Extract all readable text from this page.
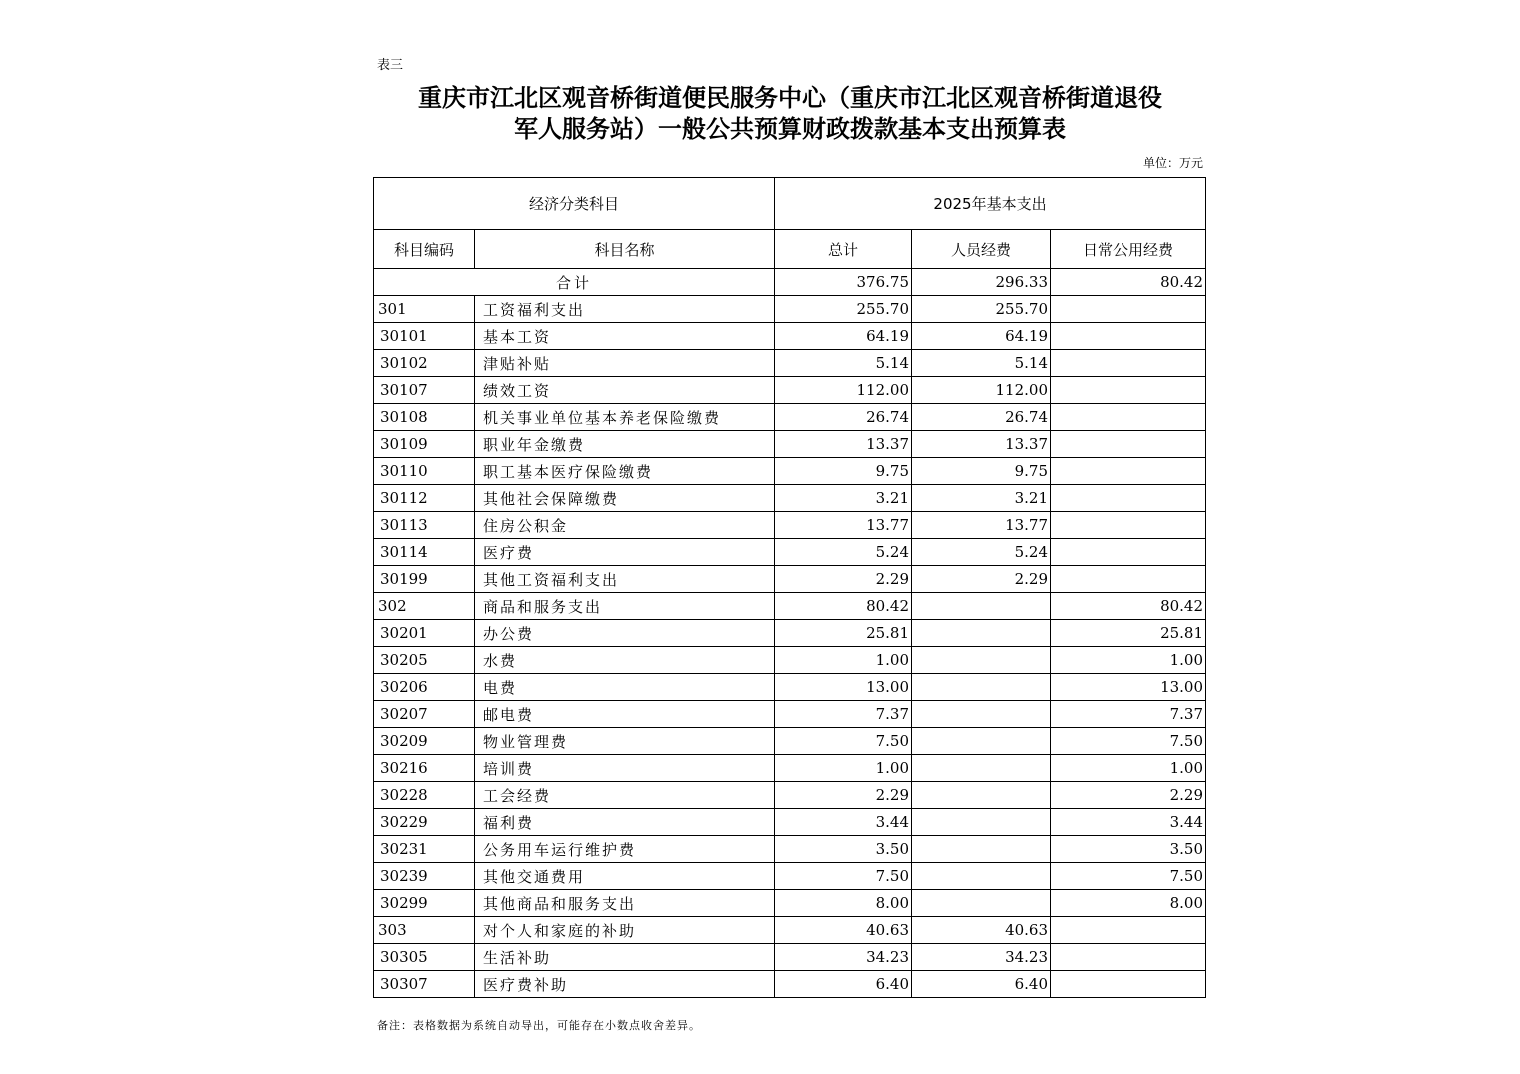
表三
重庆市江北区观音桥街道便民服务中心（重庆市江北区观音桥街道退役
军人服务站）一般公共预算财政拨款基本支出预算表
单位：万元
经济分类科目		2025年基本支出		
科目编码	科目名称	总计	人员经费	日常公用经费
合计		376.75	296.33	80.42
301	工资福利支出	255.70	255.70	
30101	基本工资	64.19	64.19	
30102	津贴补贴	5.14	5.14	
30107	绩效工资	112.00	112.00	
30108	机关事业单位基本养老保险缴费	26.74	26.74	
30109	职业年金缴费	13.37	13.37	
30110	职工基本医疗保险缴费	9.75	9.75	
30112	其他社会保障缴费	3.21	3.21	
30113	住房公积金	13.77	13.77	
30114	医疗费	5.24	5.24	
30199	其他工资福利支出	2.29	2.29	
302	商品和服务支出	80.42		80.42
30201	办公费	25.81		25.81
30205	水费	1.00		1.00
30206	电费	13.00		13.00
30207	邮电费	7.37		7.37
30209	物业管理费	7.50		7.50
30216	培训费	1.00		1.00
30228	工会经费	2.29		2.29
30229	福利费	3.44		3.44
30231	公务用车运行维护费	3.50		3.50
30239	其他交通费用	7.50		7.50
30299	其他商品和服务支出	8.00		8.00
303	对个人和家庭的补助	40.63	40.63	
30305	生活补助	34.23	34.23	
30307	医疗费补助	6.40	6.40	
备注：表格数据为系统自动导出，可能存在小数点收舍差异。
